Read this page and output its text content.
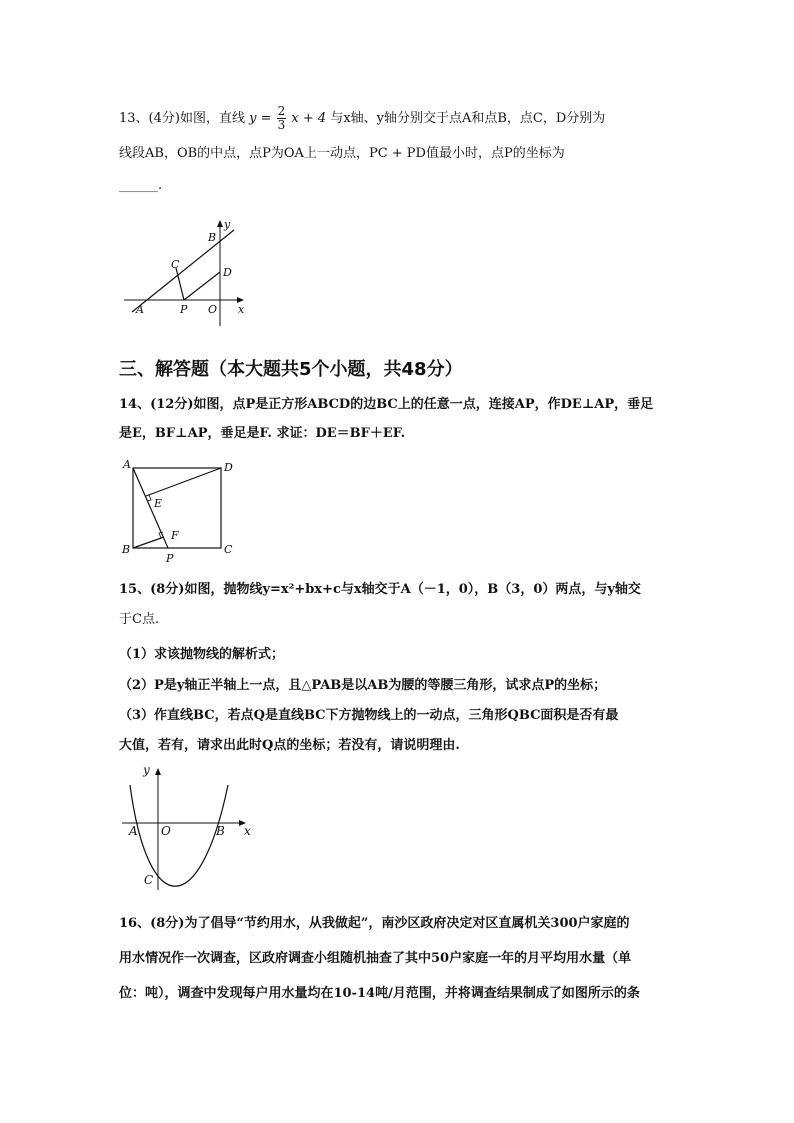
13、(4分)如图，直线 $y = \frac{2}{3}$ x + 4 与x轴、y轴分别交于点A和点B，点C，D分别为
线段AB，OB的中点，点P为OA上一动点，PC + PD值最小时，点P的坐标为
______.
y
B
C
D
A	P O x
三、解答题（本大题共5个小题，共48分）
14、(12分)如图，点P是正方形ABCD的边BC上的任意一点，连接AP，作DE⊥AP，垂足
是E，BF⊥AP，垂足是F. 求证：DE＝BF＋EF.
A	D
E
F
B
P
C
15、(8分)如图，抛物线y=x²+bx+c与x轴交于A（－1，0），B（3，0）两点，与y轴交
于C点.
（1）求该抛物线的解析式；
（2）P是y轴正半轴上一点，且△PAB是以AB为腰的等腰三角形，试求点P的坐标；
（3）作直线BC，若点Q是直线BC下方抛物线上的一动点，三角形QBC面积是否有最
大值，若有，请求出此时Q点的坐标；若没有，请说明理由.
y
A O	B x
C
16、(8分)为了倡导“节约用水，从我做起”，南沙区政府决定对区直属机关300户家庭的
用水情况作一次调查，区政府调查小组随机抽查了其中50户家庭一年的月平均用水量（单
位：吨），调查中发现每户用水量均在10-14吨/月范围，并将调查结果制成了如图所示的条
